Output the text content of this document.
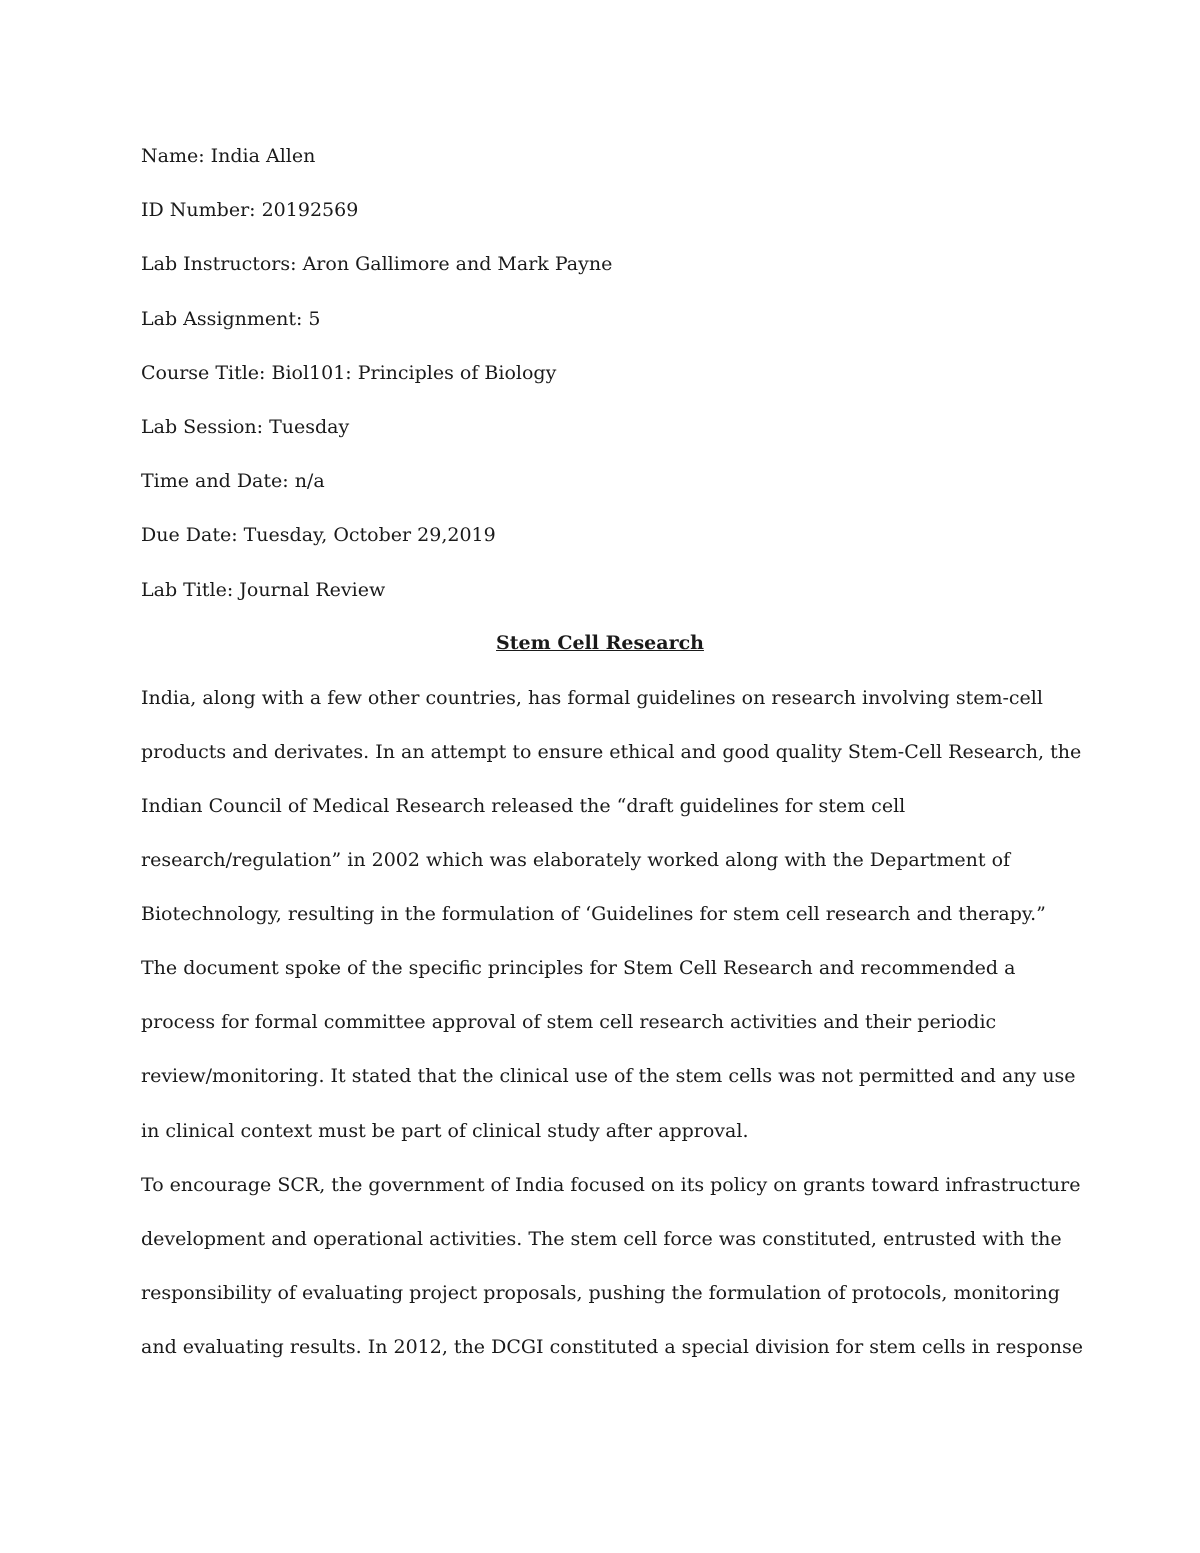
Name: India Allen
ID Number: 20192569
Lab Instructors: Aron Gallimore and Mark Payne
Lab Assignment: 5
Course Title: Biol101: Principles of Biology
Lab Session: Tuesday
Time and Date: n/a
Due Date: Tuesday, October 29,2019
Lab Title: Journal Review
Stem Cell Research
India, along with a few other countries, has formal guidelines on research involving stem-cell
products and derivates. In an attempt to ensure ethical and good quality Stem-Cell Research, the
Indian Council of Medical Research released the “draft guidelines for stem cell
research/regulation” in 2002 which was elaborately worked along with the Department of
Biotechnology, resulting in the formulation of ‘Guidelines for stem cell research and therapy.”
The document spoke of the specific principles for Stem Cell Research and recommended a
process for formal committee approval of stem cell research activities and their periodic
review/monitoring. It stated that the clinical use of the stem cells was not permitted and any use
in clinical context must be part of clinical study after approval.
To encourage SCR, the government of India focused on its policy on grants toward infrastructure
development and operational activities. The stem cell force was constituted, entrusted with the
responsibility of evaluating project proposals, pushing the formulation of protocols, monitoring
and evaluating results. In 2012, the DCGI constituted a special division for stem cells in response
